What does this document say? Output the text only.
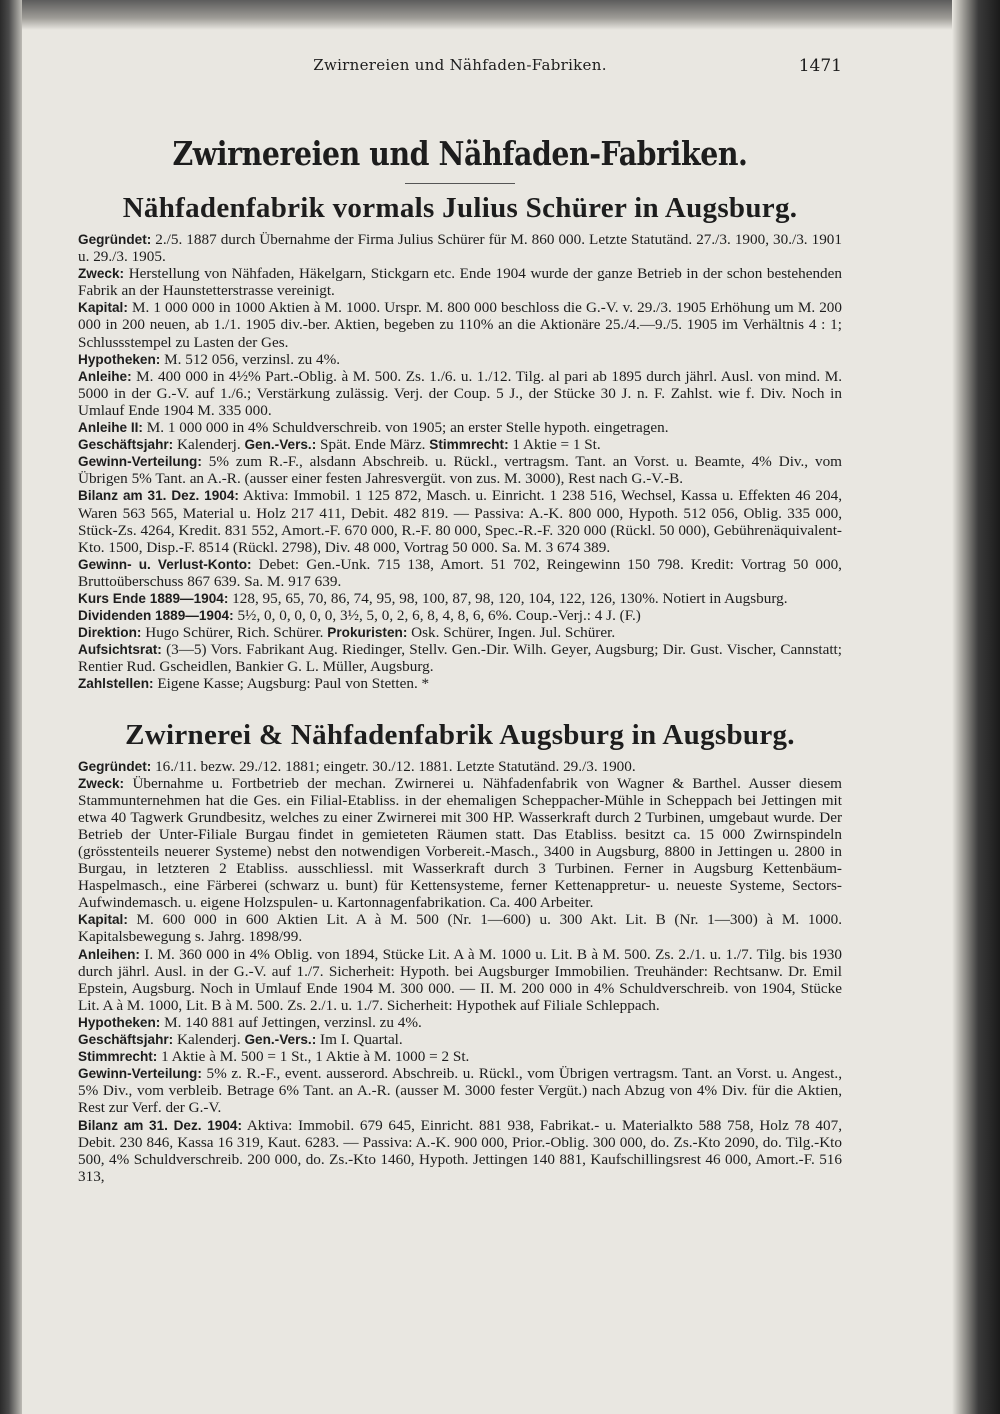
Zwirnereien und Nähfaden-Fabriken.	1471
Zwirnereien und Nähfaden-Fabriken.
Nähfadenfabrik vormals Julius Schürer in Augsburg.

Gegründet: 2./5. 1887 durch Übernahme der Firma Julius Schürer für M. 860 000. Letzte Statutänd. 27./3. 1900, 30./3. 1901 u. 29./3. 1905.

Zweck: Herstellung von Nähfaden, Häkelgarn, Stickgarn etc. Ende 1904 wurde der ganze Betrieb in der schon bestehenden Fabrik an der Haunstetterstrasse vereinigt.

Kapital: M. 1 000 000 in 1000 Aktien à M. 1000. Urspr. M. 800 000 beschloss die G.-V. v. 29./3. 1905 Erhöhung um M. 200 000 in 200 neuen, ab 1./1. 1905 div.-ber. Aktien, begeben zu 110% an die Aktionäre 25./4.—9./5. 1905 im Verhältnis 4 : 1; Schlussstempel zu Lasten der Ges.

Hypotheken: M. 512 056, verzinsl. zu 4%.

Anleihe: M. 400 000 in 4½% Part.-Oblig. à M. 500. Zs. 1./6. u. 1./12. Tilg. al pari ab 1895 durch jährl. Ausl. von mind. M. 5000 in der G.-V. auf 1./6.; Verstärkung zulässig. Verj. der Coup. 5 J., der Stücke 30 J. n. F. Zahlst. wie f. Div. Noch in Umlauf Ende 1904 M. 335 000.

Anleihe II: M. 1 000 000 in 4% Schuldverschreib. von 1905; an erster Stelle hypoth. eingetragen.

Geschäftsjahr: Kalenderj. Gen.-Vers.: Spät. Ende März. Stimmrecht: 1 Aktie = 1 St.

Gewinn-Verteilung: 5% zum R.-F., alsdann Abschreib. u. Rückl., vertragsm. Tant. an Vorst. u. Beamte, 4% Div., vom Übrigen 5% Tant. an A.-R. (ausser einer festen Jahresvergüt. von zus. M. 3000), Rest nach G.-V.-B.

Bilanz am 31. Dez. 1904: Aktiva: Immobil. 1 125 872, Masch. u. Einricht. 1 238 516, Wechsel, Kassa u. Effekten 46 204, Waren 563 565, Material u. Holz 217 411, Debit. 482 819. — Passiva: A.-K. 800 000, Hypoth. 512 056, Oblig. 335 000, Stück-Zs. 4264, Kredit. 831 552, Amort.-F. 670 000, R.-F. 80 000, Spec.-R.-F. 320 000 (Rückl. 50 000), Gebührenäquivalent-Kto. 1500, Disp.-F. 8514 (Rückl. 2798), Div. 48 000, Vortrag 50 000. Sa. M. 3 674 389.

Gewinn- u. Verlust-Konto: Debet: Gen.-Unk. 715 138, Amort. 51 702, Reingewinn 150 798. Kredit: Vortrag 50 000, Bruttoüberschuss 867 639. Sa. M. 917 639.

Kurs Ende 1889—1904: 128, 95, 65, 70, 86, 74, 95, 98, 100, 87, 98, 120, 104, 122, 126, 130%. Notiert in Augsburg.

Dividenden 1889—1904: 5½, 0, 0, 0, 0, 0, 3½, 5, 0, 2, 6, 8, 4, 8, 6, 6%. Coup.-Verj.: 4 J. (F.)

Direktion: Hugo Schürer, Rich. Schürer. Prokuristen: Osk. Schürer, Ingen. Jul. Schürer.

Aufsichtsrat: (3—5) Vors. Fabrikant Aug. Riedinger, Stellv. Gen.-Dir. Wilh. Geyer, Augsburg; Dir. Gust. Vischer, Cannstatt; Rentier Rud. Gscheidlen, Bankier G. L. Müller, Augsburg.

Zahlstellen: Eigene Kasse; Augsburg: Paul von Stetten. *

Zwirnerei & Nähfadenfabrik Augsburg in Augsburg.

Gegründet: 16./11. bezw. 29./12. 1881; eingetr. 30./12. 1881. Letzte Statutänd. 29./3. 1900.

Zweck: Übernahme u. Fortbetrieb der mechan. Zwirnerei u. Nähfadenfabrik von Wagner & Barthel. Ausser diesem Stammunternehmen hat die Ges. ein Filial-Etabliss. in der ehemaligen Scheppacher-Mühle in Scheppach bei Jettingen mit etwa 40 Tagwerk Grundbesitz, welches zu einer Zwirnerei mit 300 HP. Wasserkraft durch 2 Turbinen, umgebaut wurde. Der Betrieb der Unter-Filiale Burgau findet in gemieteten Räumen statt. Das Etabliss. besitzt ca. 15 000 Zwirnspindeln (grösstenteils neuerer Systeme) nebst den notwendigen Vorbereit.-Masch., 3400 in Augsburg, 8800 in Jettingen u. 2800 in Burgau, in letzteren 2 Etabliss. ausschliessl. mit Wasserkraft durch 3 Turbinen. Ferner in Augsburg Kettenbäum-Haspelmasch., eine Färberei (schwarz u. bunt) für Kettensysteme, ferner Kettenappretur- u. neueste Systeme, Sectors-Aufwindemasch. u. eigene Holzspulen- u. Kartonnagenfabrikation. Ca. 400 Arbeiter.

Kapital: M. 600 000 in 600 Aktien Lit. A à M. 500 (Nr. 1—600) u. 300 Akt. Lit. B (Nr. 1—300) à M. 1000. Kapitalsbewegung s. Jahrg. 1898/99.

Anleihen: I. M. 360 000 in 4% Oblig. von 1894, Stücke Lit. A à M. 1000 u. Lit. B à M. 500. Zs. 2./1. u. 1./7. Tilg. bis 1930 durch jährl. Ausl. in der G.-V. auf 1./7. Sicherheit: Hypoth. bei Augsburger Immobilien. Treuhänder: Rechtsanw. Dr. Emil Epstein, Augsburg. Noch in Umlauf Ende 1904 M. 300 000. — II. M. 200 000 in 4% Schuldverschreib. von 1904, Stücke Lit. A à M. 1000, Lit. B à M. 500. Zs. 2./1. u. 1./7. Sicherheit: Hypothek auf Filiale Schleppach.

Hypotheken: M. 140 881 auf Jettingen, verzinsl. zu 4%.

Geschäftsjahr: Kalenderj. Gen.-Vers.: Im I. Quartal.

Stimmrecht: 1 Aktie à M. 500 = 1 St., 1 Aktie à M. 1000 = 2 St.

Gewinn-Verteilung: 5% z. R.-F., event. ausserord. Abschreib. u. Rückl., vom Übrigen vertragsm. Tant. an Vorst. u. Angest., 5% Div., vom verbleib. Betrage 6% Tant. an A.-R. (ausser M. 3000 fester Vergüt.) nach Abzug von 4% Div. für die Aktien, Rest zur Verf. der G.-V.

Bilanz am 31. Dez. 1904: Aktiva: Immobil. 679 645, Einricht. 881 938, Fabrikat.- u. Materialkto 588 758, Holz 78 407, Debit. 230 846, Kassa 16 319, Kaut. 6283. — Passiva: A.-K. 900 000, Prior.-Oblig. 300 000, do. Zs.-Kto 2090, do. Tilg.-Kto 500, 4% Schuldverschreib. 200 000, do. Zs.-Kto 1460, Hypoth. Jettingen 140 881, Kaufschillingsrest 46 000, Amort.-F. 516 313,
